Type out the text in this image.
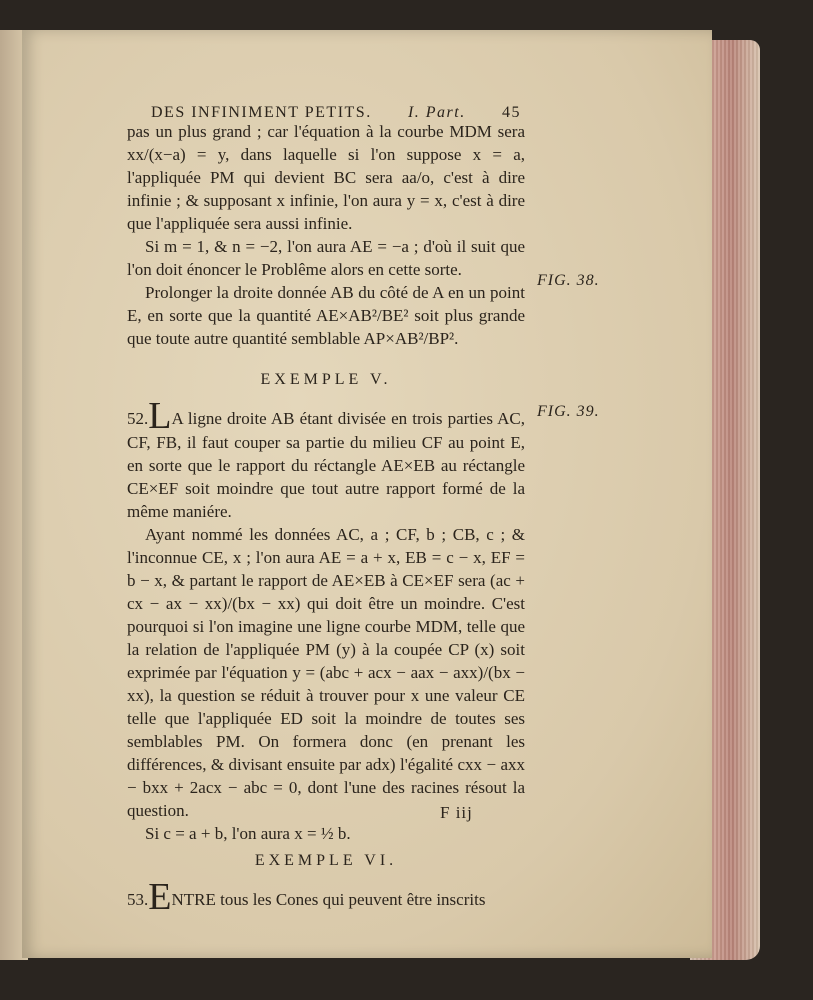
DES INFINIMENT PETITS. I. Part. 45

pas un plus grand ; car l'équation à la courbe MDM sera xx/(x−a) = y, dans laquelle si l'on suppose x = a, l'appliquée PM qui devient BC sera aa/o, c'est à dire infinie ; & supposant x infinie, l'on aura y = x, c'est à dire que l'appliquée sera aussi infinie.

Si m = 1, & n = −2, l'on aura AE = −a ; d'où il suit que l'on doit énoncer le Problême alors en cette sorte.

Prolonger la droite donnée AB du côté de A en un point E, en sorte que la quantité AE×AB²/BE² soit plus grande que toute autre quantité semblable AP×AB²/BP².

EXEMPLE V.

52.LA ligne droite AB étant divisée en trois parties AC, CF, FB, il faut couper sa partie du milieu CF au point E, en sorte que le rapport du réctangle AE×EB au réctangle CE×EF soit moindre que tout autre rapport formé de la même maniére.

Ayant nommé les données AC, a ; CF, b ; CB, c ; & l'inconnue CE, x ; l'on aura AE = a + x, EB = c − x, EF = b − x, & partant le rapport de AE×EB à CE×EF sera (ac + cx − ax − xx)/(bx − xx) qui doit être un moindre. C'est pourquoi si l'on imagine une ligne courbe MDM, telle que la relation de l'appliquée PM (y) à la coupée CP (x) soit exprimée par l'équation y = (abc + acx − aax − axx)/(bx − xx), la question se réduit à trouver pour x une valeur CE telle que l'appliquée ED soit la moindre de toutes ses semblables PM. On formera donc (en prenant les différences, & divisant ensuite par adx) l'égalité cxx − axx − bxx + 2acx − abc = 0, dont l'une des racines résout la question.

Si c = a + b, l'on aura x = ½ b.

EXEMPLE VI.

53.ENTRE tous les Cones qui peuvent être inscrits

FIG. 38.
FIG. 39.
F iij
